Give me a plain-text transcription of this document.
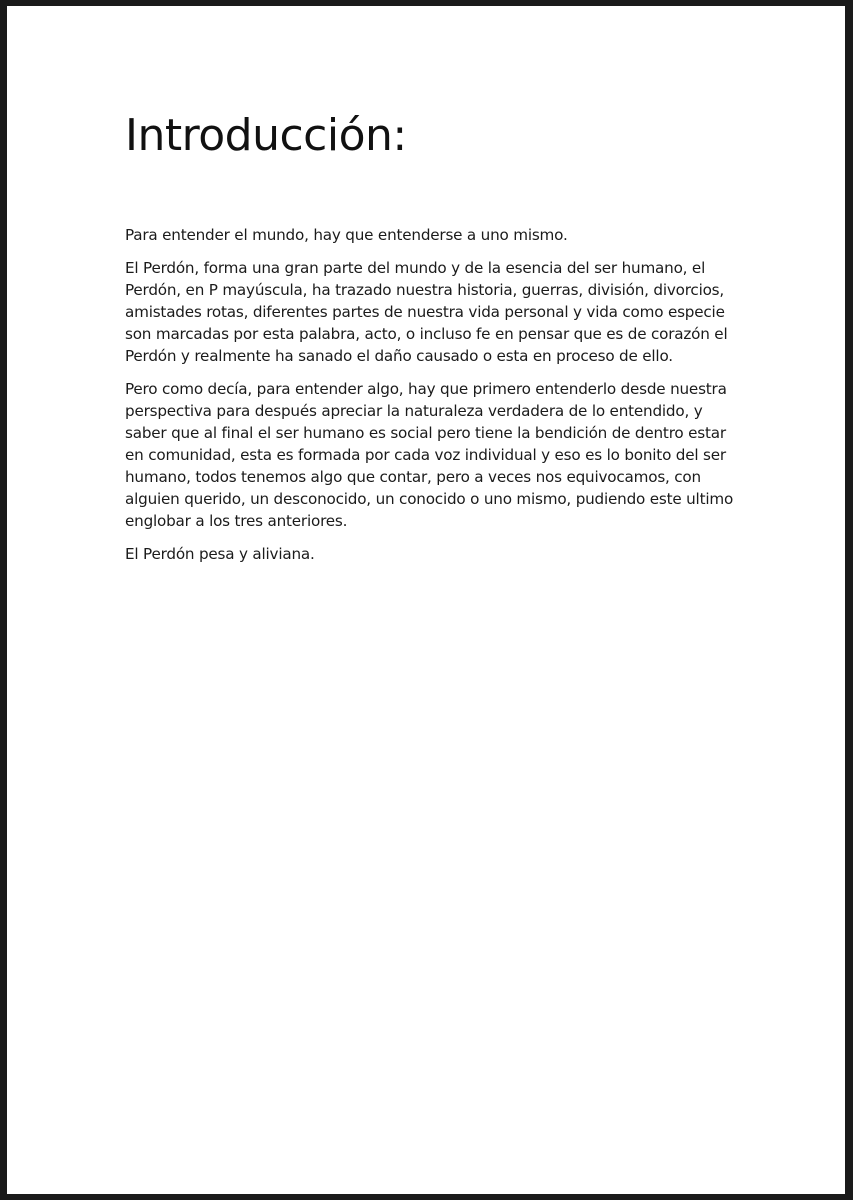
Introducción:

Para entender el mundo, hay que entenderse a uno mismo.

El Perdón, forma una gran parte del mundo y de la esencia del ser humano, el Perdón, en P mayúscula, ha trazado nuestra historia, guerras, división, divorcios, amistades rotas, diferentes partes de nuestra vida personal y vida como especie son marcadas por esta palabra, acto, o incluso fe en pensar que es de corazón el Perdón y realmente ha sanado el daño causado o esta en proceso de ello.

Pero como decía, para entender algo, hay que primero entenderlo desde nuestra perspectiva para después apreciar la naturaleza verdadera de lo entendido, y saber que al final el ser humano es social pero tiene la bendición de dentro estar en comunidad, esta es formada por cada voz individual y eso es lo bonito del ser humano, todos tenemos algo que contar, pero a veces nos equivocamos, con alguien querido, un desconocido, un conocido o uno mismo, pudiendo este ultimo englobar a los tres anteriores.

El Perdón pesa y aliviana.
